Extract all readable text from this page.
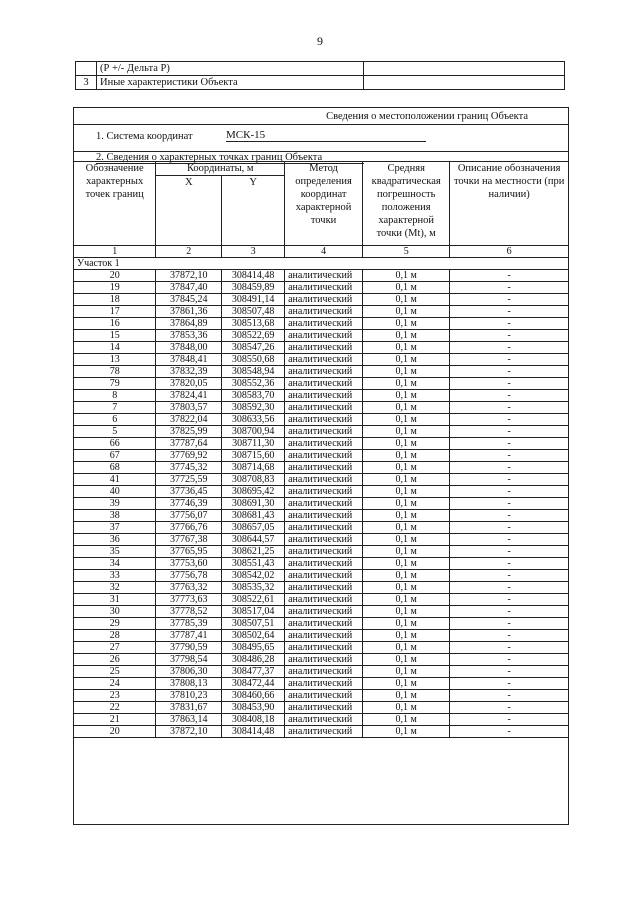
9
	(Р +/- Дельта Р)	
3	Иные характеристики Объекта	
Сведения о местоположении границ Объекта
1. Система координат	МСК-15
2. Сведения о характерных точках границ Объекта
Обозначение характерных точек границ	Координаты, м		Метод определения координат характерной точки	Средняя квадратическая погрешность положения характерной точки (Mt), м	Описание обозначения точки на местности (при наличии)
	X	Y			
1	2	3	4	5	6
Участок 1					
20	37872,10	308414,48	аналитический	0,1 м	-
19	37847,40	308459,89	аналитический	0,1 м	-
18	37845,24	308491,14	аналитический	0,1 м	-
17	37861,36	308507,48	аналитический	0,1 м	-
16	37864,89	308513,68	аналитический	0,1 м	-
15	37853,36	308522,69	аналитический	0,1 м	-
14	37848,00	308547,26	аналитический	0,1 м	-
13	37848,41	308550,68	аналитический	0,1 м	-
78	37832,39	308548,94	аналитический	0,1 м	-
79	37820,05	308552,36	аналитический	0,1 м	-
8	37824,41	308583,70	аналитический	0,1 м	-
7	37803,57	308592,30	аналитический	0,1 м	-
6	37822,04	308633,56	аналитический	0,1 м	-
5	37825,99	308700,94	аналитический	0,1 м	-
66	37787,64	308711,30	аналитический	0,1 м	-
67	37769,92	308715,60	аналитический	0,1 м	-
68	37745,32	308714,68	аналитический	0,1 м	-
41	37725,59	308708,83	аналитический	0,1 м	-
40	37736,45	308695,42	аналитический	0,1 м	-
39	37746,39	308691,30	аналитический	0,1 м	-
38	37756,07	308681,43	аналитический	0,1 м	-
37	37766,76	308657,05	аналитический	0,1 м	-
36	37767,38	308644,57	аналитический	0,1 м	-
35	37765,95	308621,25	аналитический	0,1 м	-
34	37753,60	308551,43	аналитический	0,1 м	-
33	37756,78	308542,02	аналитический	0,1 м	-
32	37763,32	308535,32	аналитический	0,1 м	-
31	37773,63	308522,61	аналитический	0,1 м	-
30	37778,52	308517,04	аналитический	0,1 м	-
29	37785,39	308507,51	аналитический	0,1 м	-
28	37787,41	308502,64	аналитический	0,1 м	-
27	37790,59	308495,65	аналитический	0,1 м	-
26	37798,54	308486,28	аналитический	0,1 м	-
25	37806,30	308477,37	аналитический	0,1 м	-
24	37808,13	308472,44	аналитический	0,1 м	-
23	37810,23	308460,66	аналитический	0,1 м	-
22	37831,67	308453,90	аналитический	0,1 м	-
21	37863,14	308408,18	аналитический	0,1 м	-
20	37872,10	308414,48	аналитический	0,1 м	-
